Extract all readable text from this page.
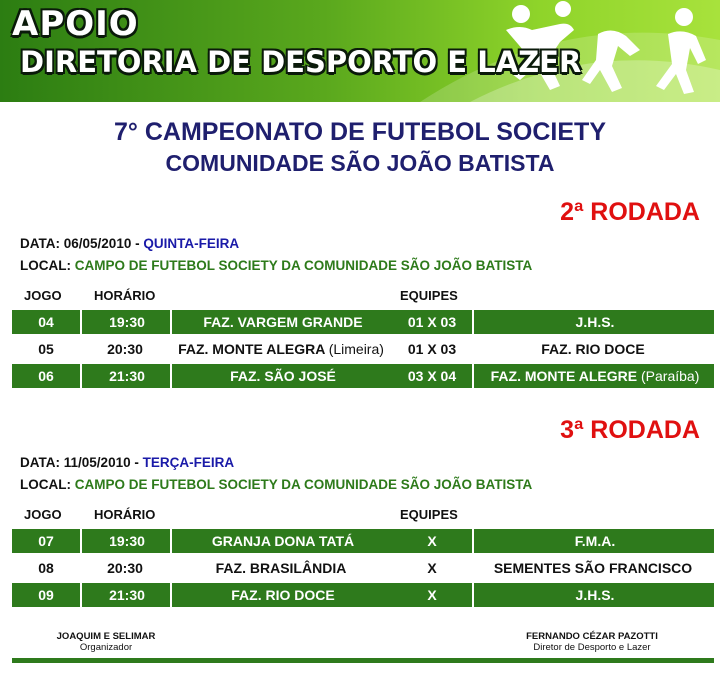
APOIO
DIRETORIA DE DESPORTO E LAZER
7° CAMPEONATO DE FUTEBOL SOCIETY
COMUNIDADE SÃO JOÃO BATISTA
2ª RODADA
DATA: 06/05/2010 - QUINTA-FEIRA
LOCAL: CAMPO DE FUTEBOL SOCIETY DA COMUNIDADE SÃO JOÃO BATISTA
JOGO HORÁRIO	EQUIPES
04	19:30	FAZ. VARGEM GRANDE	01 X 03	J.H.S.
05	20:30	FAZ. MONTE ALEGRA (Limeira)	01 X 03	FAZ. RIO DOCE
06	21:30	FAZ. SÃO JOSÉ	03 X 04	FAZ. MONTE ALEGRE (Paraíba)
3ª RODADA
DATA: 11/05/2010 - TERÇA-FEIRA
LOCAL: CAMPO DE FUTEBOL SOCIETY DA COMUNIDADE SÃO JOÃO BATISTA
JOGO HORÁRIO	EQUIPES
07	19:30	GRANJA DONA TATÁ	X	F.M.A.
08	20:30	FAZ. BRASILÂNDIA	X	SEMENTES SÃO FRANCISCO
09	21:30	FAZ. RIO DOCE	X	J.H.S.
JOAQUIM E SELIMAR
Organizador
FERNANDO CÉZAR PAZOTTI
Diretor de Desporto e Lazer
